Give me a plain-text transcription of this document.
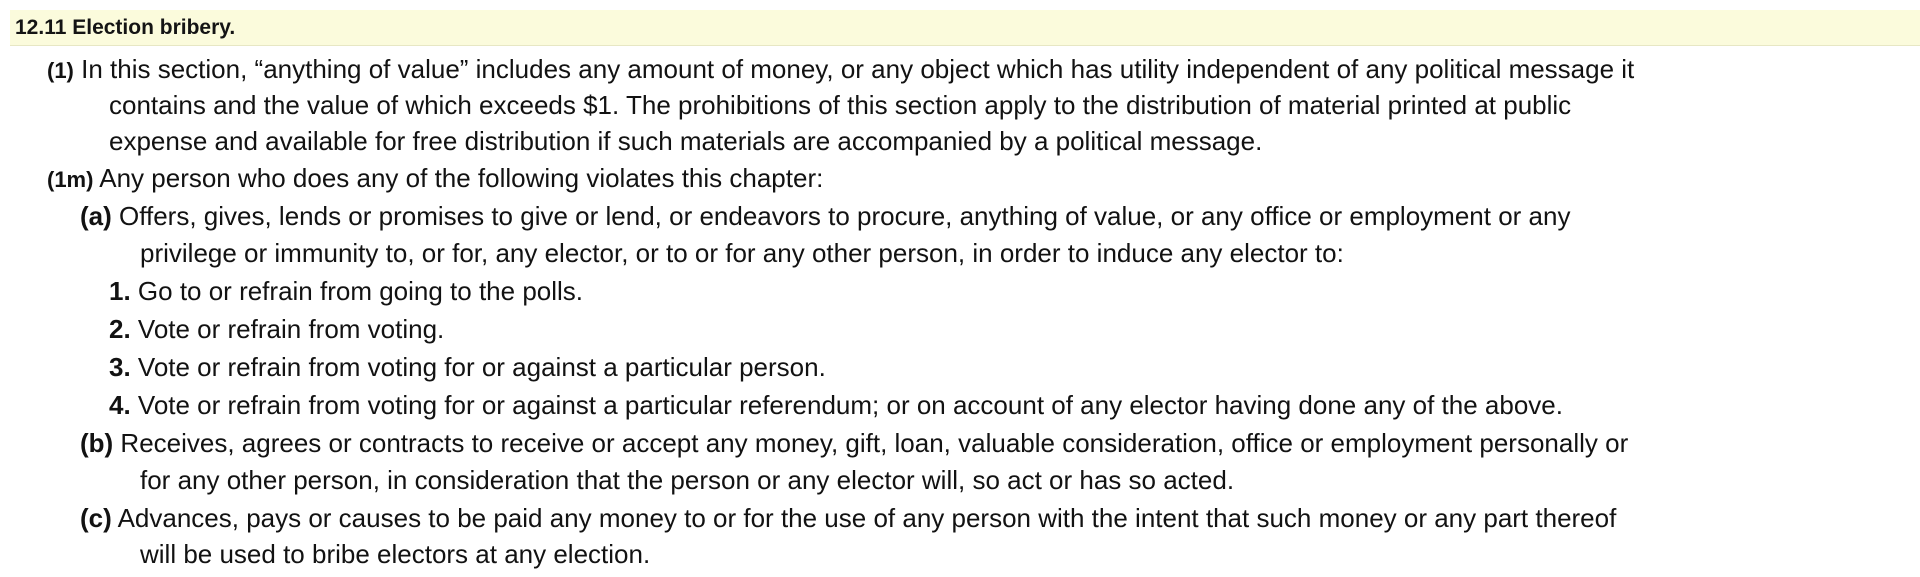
12.11 Election bribery.
(1) In this section, “anything of value” includes any amount of money, or any object which has utility independent of any political message it
contains and the value of which exceeds $1. The prohibitions of this section apply to the distribution of material printed at public
expense and available for free distribution if such materials are accompanied by a political message.
(1m) Any person who does any of the following violates this chapter:
(a) Offers, gives, lends or promises to give or lend, or endeavors to procure, anything of value, or any office or employment or any
privilege or immunity to, or for, any elector, or to or for any other person, in order to induce any elector to:
1. Go to or refrain from going to the polls.
2. Vote or refrain from voting.
3. Vote or refrain from voting for or against a particular person.
4. Vote or refrain from voting for or against a particular referendum; or on account of any elector having done any of the above.
(b) Receives, agrees or contracts to receive or accept any money, gift, loan, valuable consideration, office or employment personally or
for any other person, in consideration that the person or any elector will, so act or has so acted.
(c) Advances, pays or causes to be paid any money to or for the use of any person with the intent that such money or any part thereof
will be used to bribe electors at any election.
